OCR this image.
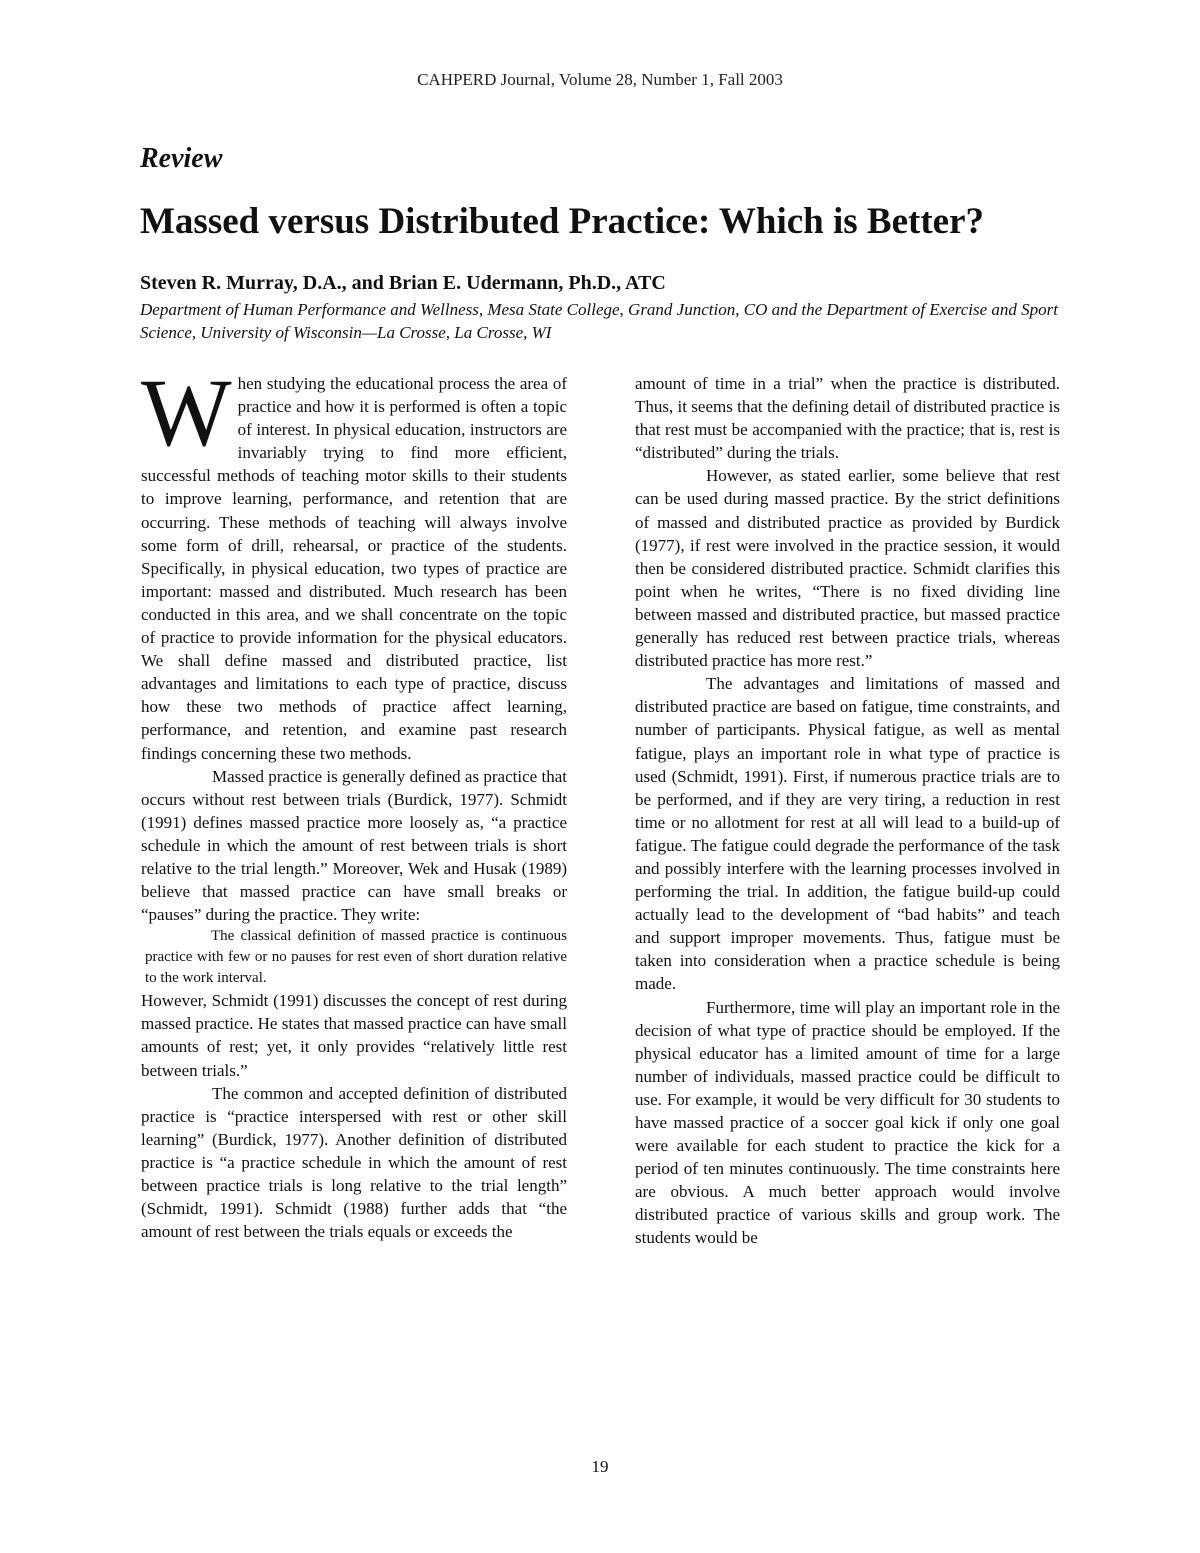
CAHPERD Journal, Volume 28, Number 1, Fall 2003
Review
Massed versus Distributed Practice: Which is Better?
Steven R. Murray, D.A., and Brian E. Udermann, Ph.D., ATC
Department of Human Performance and Wellness, Mesa State College, Grand Junction, CO and the Department of Exercise and Sport Science, University of Wisconsin—La Crosse, La Crosse, WI

When studying the educational process the area of practice and how it is performed is often a topic of interest. In physical education, instructors are invariably trying to find more efficient, successful methods of teaching motor skills to their students to improve learning, performance, and retention that are occurring. These methods of teaching will always involve some form of drill, rehearsal, or practice of the students. Specifically, in physical education, two types of practice are important: massed and distributed. Much research has been conducted in this area, and we shall concentrate on the topic of practice to provide information for the physical educators. We shall define massed and distributed practice, list advantages and limitations to each type of practice, discuss how these two methods of practice affect learning, performance, and retention, and examine past research findings concerning these two methods.

Massed practice is generally defined as practice that occurs without rest between trials (Burdick, 1977). Schmidt (1991) defines massed practice more loosely as, “a practice schedule in which the amount of rest between trials is short relative to the trial length.” Moreover, Wek and Husak (1989) believe that massed practice can have small breaks or “pauses” during the practice. They write:

The classical definition of massed practice is continuous practice with few or no pauses for rest even of short duration relative to the work interval.

However, Schmidt (1991) discusses the concept of rest during massed practice. He states that massed practice can have small amounts of rest; yet, it only provides “relatively little rest between trials.”

The common and accepted definition of distributed practice is “practice interspersed with rest or other skill learning” (Burdick, 1977). Another definition of distributed practice is “a practice schedule in which the amount of rest between practice trials is long relative to the trial length” (Schmidt, 1991). Schmidt (1988) further adds that “the amount of rest between the trials equals or exceeds the

amount of time in a trial” when the practice is distributed. Thus, it seems that the defining detail of distributed practice is that rest must be accompanied with the practice; that is, rest is “distributed” during the trials.

However, as stated earlier, some believe that rest can be used during massed practice. By the strict definitions of massed and distributed practice as provided by Burdick (1977), if rest were involved in the practice session, it would then be considered distributed practice. Schmidt clarifies this point when he writes, “There is no fixed dividing line between massed and distributed practice, but massed practice generally has reduced rest between practice trials, whereas distributed practice has more rest.”

The advantages and limitations of massed and distributed practice are based on fatigue, time constraints, and number of participants. Physical fatigue, as well as mental fatigue, plays an important role in what type of practice is used (Schmidt, 1991). First, if numerous practice trials are to be performed, and if they are very tiring, a reduction in rest time or no allotment for rest at all will lead to a build-up of fatigue. The fatigue could degrade the performance of the task and possibly interfere with the learning processes involved in performing the trial. In addition, the fatigue build-up could actually lead to the development of “bad habits” and teach and support improper movements. Thus, fatigue must be taken into consideration when a practice schedule is being made.

Furthermore, time will play an important role in the decision of what type of practice should be employed. If the physical educator has a limited amount of time for a large number of individuals, massed practice could be difficult to use. For example, it would be very difficult for 30 students to have massed practice of a soccer goal kick if only one goal were available for each student to practice the kick for a period of ten minutes continuously. The time constraints here are obvious. A much better approach would involve distributed practice of various skills and group work. The students would be

19
